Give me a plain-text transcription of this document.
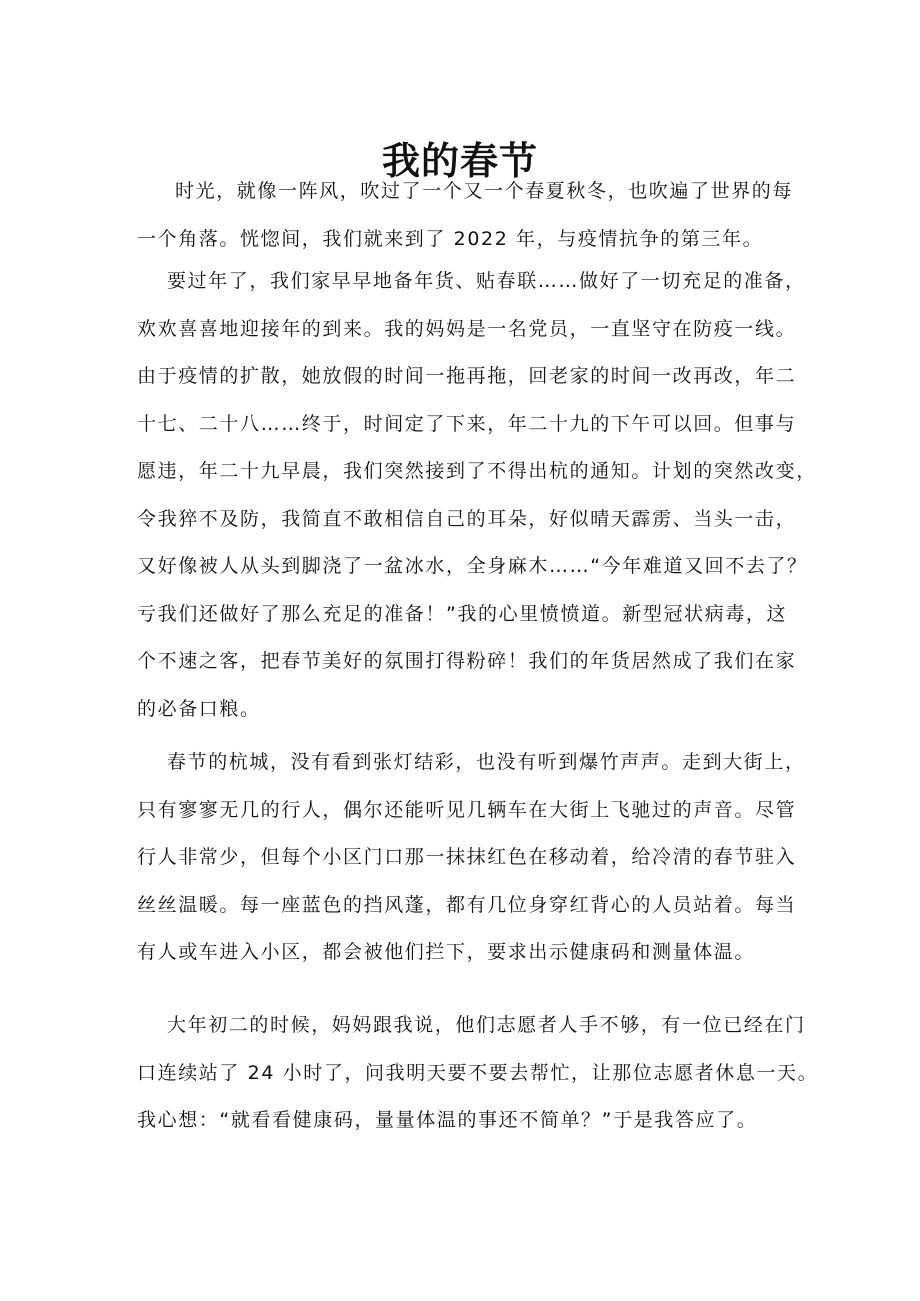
我的春节

时光，就像一阵风，吹过了一个又一个春夏秋冬，也吹遍了世界的每
一个角落。恍惚间，我们就来到了 2022 年，与疫情抗争的第三年。

要过年了，我们家早早地备年货、贴春联……做好了一切充足的准备，
欢欢喜喜地迎接年的到来。我的妈妈是一名党员，一直坚守在防疫一线。
由于疫情的扩散，她放假的时间一拖再拖，回老家的时间一改再改，年二
十七、二十八……终于，时间定了下来，年二十九的下午可以回。但事与
愿违，年二十九早晨，我们突然接到了不得出杭的通知。计划的突然改变，
令我猝不及防，我简直不敢相信自己的耳朵，好似晴天霹雳、当头一击，
又好像被人从头到脚浇了一盆冰水，全身麻木……“今年难道又回不去了？
亏我们还做好了那么充足的准备！”我的心里愤愤道。新型冠状病毒，这
个不速之客，把春节美好的氛围打得粉碎！我们的年货居然成了我们在家
的必备口粮。

春节的杭城，没有看到张灯结彩，也没有听到爆竹声声。走到大街上，
只有寥寥无几的行人，偶尔还能听见几辆车在大街上飞驰过的声音。尽管
行人非常少，但每个小区门口那一抹抹红色在移动着，给冷清的春节驻入
丝丝温暖。每一座蓝色的挡风蓬，都有几位身穿红背心的人员站着。每当
有人或车进入小区，都会被他们拦下，要求出示健康码和测量体温。

大年初二的时候，妈妈跟我说，他们志愿者人手不够，有一位已经在门
口连续站了 24 小时了，问我明天要不要去帮忙，让那位志愿者休息一天。
我心想：“就看看健康码，量量体温的事还不简单？”于是我答应了。
